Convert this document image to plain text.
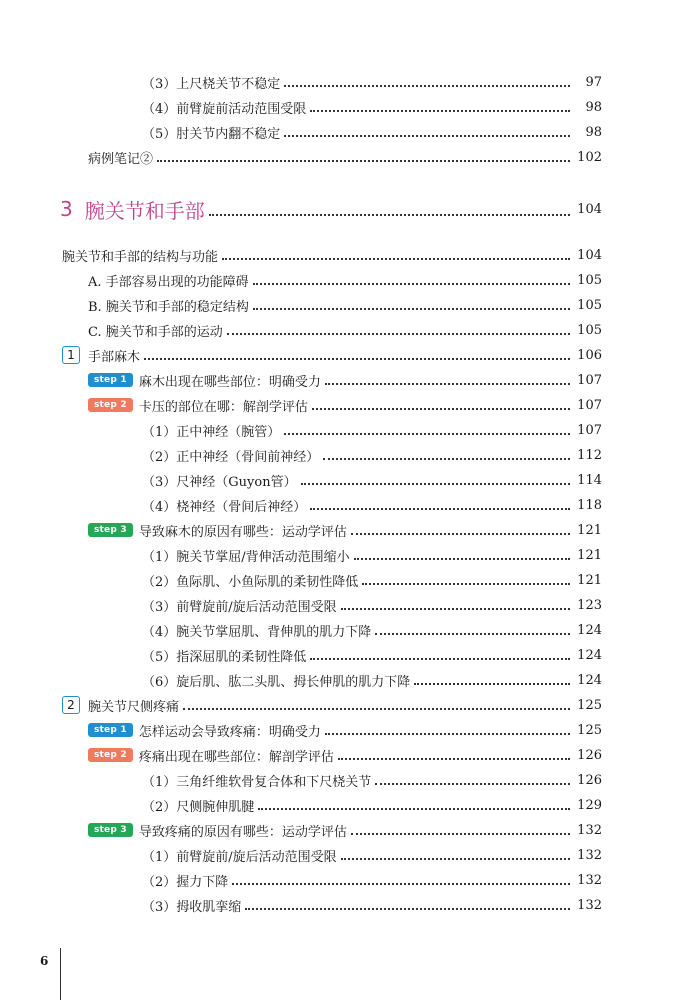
（3）上尺桡关节不稳定	97
（4）前臂旋前活动范围受限	98
（5）肘关节内翻不稳定	98
病例笔记②	102
3 腕关节和手部	104
腕关节和手部的结构与功能	104
A. 手部容易出现的功能障碍	105
B. 腕关节和手部的稳定结构	105
C. 腕关节和手部的运动	105
1	手部麻木	106
step 1 麻木出现在哪些部位：明确受力	107
step 2 卡压的部位在哪：解剖学评估	107
（1）正中神经（腕管）	107
（2）正中神经（骨间前神经）	112
（3）尺神经（Guyon管）	114
（4）桡神经（骨间后神经）	118
step 3 导致麻木的原因有哪些：运动学评估	121
（1）腕关节掌屈/背伸活动范围缩小	121
（2）鱼际肌、小鱼际肌的柔韧性降低	121
（3）前臂旋前/旋后活动范围受限	123
（4）腕关节掌屈肌、背伸肌的肌力下降	124
（5）指深屈肌的柔韧性降低	124
（6）旋后肌、肱二头肌、拇长伸肌的肌力下降	124
2	腕关节尺侧疼痛	125
step 1 怎样运动会导致疼痛：明确受力	125
step 2 疼痛出现在哪些部位：解剖学评估	126
（1）三角纤维软骨复合体和下尺桡关节	126
（2）尺侧腕伸肌腱	129
step 3 导致疼痛的原因有哪些：运动学评估	132
（1）前臂旋前/旋后活动范围受限	132
（2）握力下降	132
（3）拇收肌挛缩	132
6
